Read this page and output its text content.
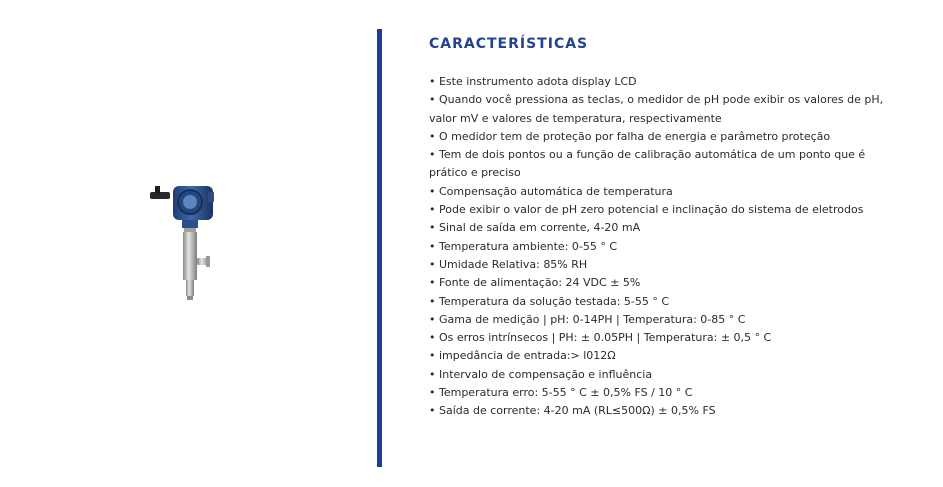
CARACTERÍSTICAS
• Este instrumento adota display LCD
• Quando você pressiona as teclas, o medidor de pH pode exibir os valores de pH, valor mV e valores de temperatura, respectivamente
• O medidor tem de proteção por falha de energia e parâmetro proteção
• Tem de dois pontos ou a função de calibração automática de um ponto que é prático e preciso
• Compensação automática de temperatura
• Pode exibir o valor de pH zero potencial e inclinação do sistema de eletrodos
• Sinal de saída em corrente, 4-20 mA
• Temperatura ambiente: 0-55 ° C
• Umidade Relativa: 85% RH
• Fonte de alimentação: 24 VDC ± 5%
• Temperatura da solução testada: 5-55 ° C
• Gama de medição | pH: 0-14PH | Temperatura: 0-85 ° C
• Os erros intrínsecos | PH: ± 0.05PH | Temperatura: ± 0,5 ° C
• impedância de entrada:> l012Ω
• Intervalo de compensação e influência
• Temperatura erro: 5-55 ° C ± 0,5% FS / 10 ° C
• Saída de corrente: 4-20 mA (RL≤500Ω) ± 0,5% FS
